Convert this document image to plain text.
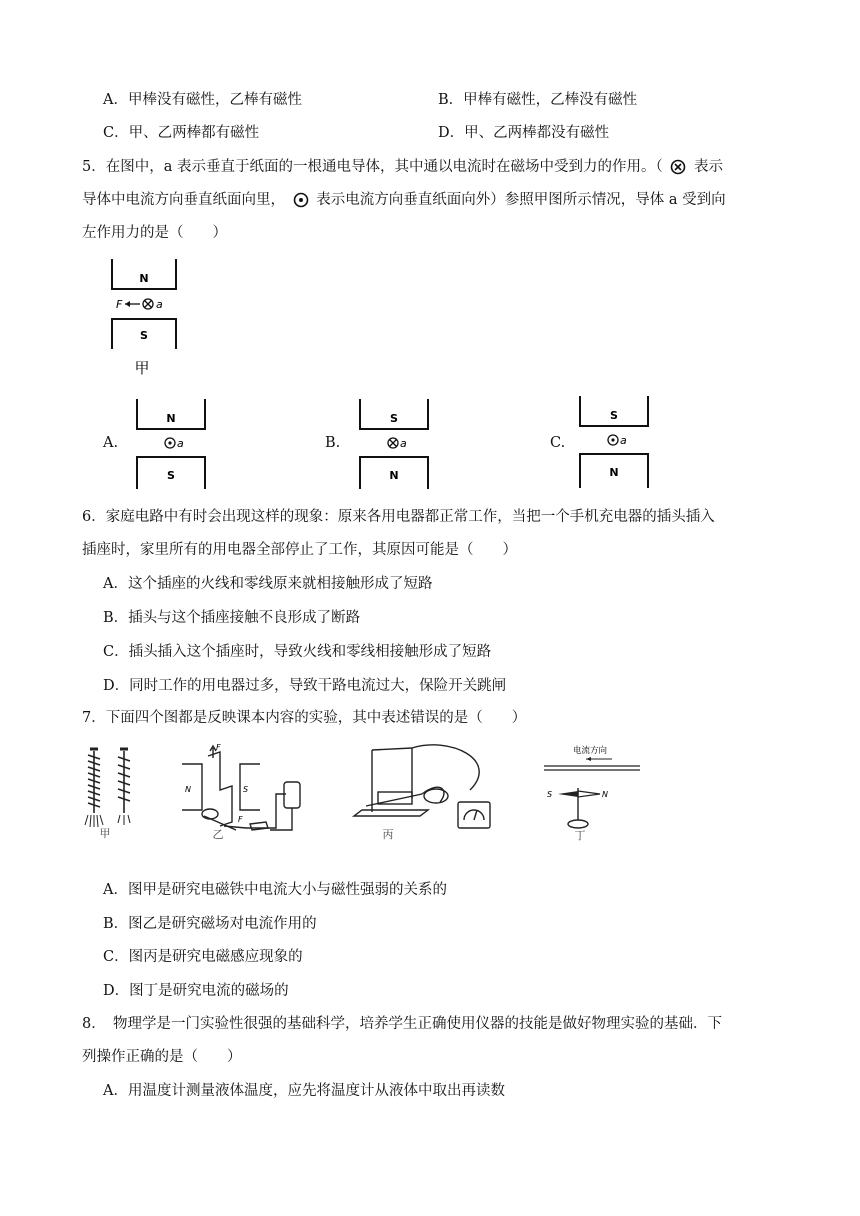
A．甲棒没有磁性，乙棒有磁性	B．甲棒有磁性，乙棒没有磁性
C．甲、乙两棒都有磁性	D．甲、乙两棒都没有磁性
5．在图中，a 表示垂直于纸面的一根通电导体，其中通以电流时在磁场中受到力的作用。（ 表示
导体中电流方向垂直纸面向里， 表示电流方向垂直纸面向外）参照甲图所示情况，导体 a 受到向
左作用力的是（　　）
N
S
F	a
甲
A.
N
S
a	B.
S
N
a	C.
S
N
a
6．家庭电路中有时会出现这样的现象：原来各用电器都正常工作，当把一个手机充电器的插头插入
插座时，家里所有的用电器全部停止了工作，其原因可能是（　　）
A．这个插座的火线和零线原来就相接触形成了短路
B．插头与这个插座接触不良形成了断路
C．插头插入这个插座时，导致火线和零线相接触形成了短路
D．同时工作的用电器过多，导致干路电流过大，保险开关跳闸
7．下面四个图都是反映课本内容的实验，其中表述错误的是（　　）
甲
F
N	S
F
乙	丙
电流方向
S	N
丁
A．图甲是研究电磁铁中电流大小与磁性强弱的关系的
B．图乙是研究磁场对电流作用的
C．图丙是研究电磁感应现象的
D．图丁是研究电流的磁场的
8．　物理学是一门实验性很强的基础科学，培养学生正确使用仪器的技能是做好物理实验的基础．下
列操作正确的是（　　）
A．用温度计测量液体温度，应先将温度计从液体中取出再读数
